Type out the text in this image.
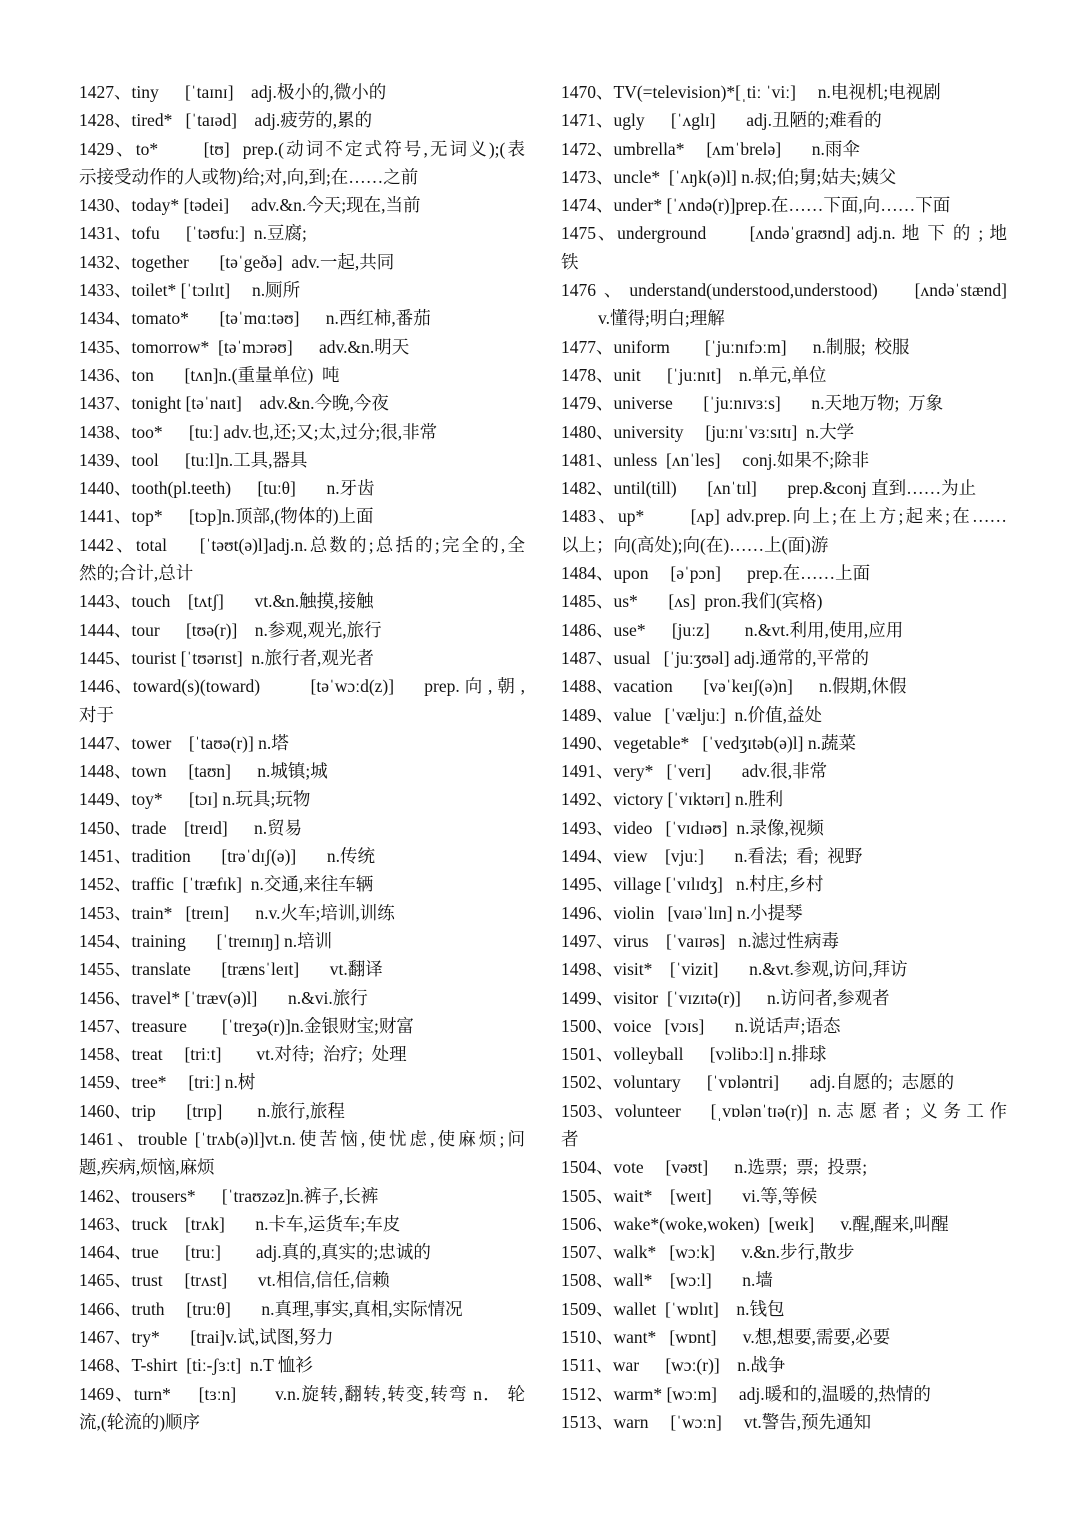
1427、tiny      [ˈtaɪnɪ]    adj.极小的,微小的
1428、tired*   [ˈtaɪəd]    adj.疲劳的,累的
1429、to*       [tʊ]  prep.(动词不定式符号,无词义);(表
示接受动作的人或物)给;对,向,到;在……之前
1430、today* [tədei]     adv.&n.今天;现在,当前
1431、tofu      [ˈtəʊfuː]  n.豆腐;
1432、together       [təˈgeðə]  adv.一起,共同
1433、toilet* [ˈtɔɪlɪt]     n.厕所
1434、tomato*       [təˈmɑːtəʊ]      n.西红柿,番茄
1435、tomorrow*  [təˈmɔrəʊ]      adv.&n.明天
1436、ton       [tʌn]n.(重量单位)  吨
1437、tonight [təˈnaɪt]    adv.&n.今晚,今夜
1438、too*      [tuː] adv.也,还;又;太,过分;很,非常
1439、tool      [tuːl]n.工具,器具
1440、tooth(pl.teeth)      [tuːθ]       n.牙齿
1441、top*      [tɔp]n.顶部,(物体的)上面
1442、total     [ˈtəʊt(ə)l]adj.n.总数的;总括的;完全的,全
然的;合计,总计
1443、touch    [tʌtʃ]       vt.&n.触摸,接触
1444、tour      [tʊə(r)]    n.参观,观光,旅行
1445、tourist [ˈtʊərɪst]  n.旅行者,观光者
1446、toward(s)(toward)          [təˈwɔːd(z)]      prep. 向 , 朝 ,
对于
1447、tower    [ˈtaʊə(r)] n.塔
1448、town     [taʊn]      n.城镇;城
1449、toy*      [tɔɪ] n.玩具;玩物
1450、trade    [treɪd]      n.贸易
1451、tradition       [trəˈdɪʃ(ə)]       n.传统
1452、traffic  [ˈtræfɪk]  n.交通,来往车辆
1453、train*   [treɪn]      n.v.火车;培训,训练
1454、training       [ˈtreɪnɪŋ] n.培训
1455、translate       [trænsˈleɪt]       vt.翻译
1456、travel* [ˈtræv(ə)l]       n.&vi.旅行
1457、treasure        [ˈtreʒə(r)]n.金银财宝;财富
1458、treat     [triːt]        vt.对待;  治疗;  处理
1459、tree*     [triː] n.树
1460、trip       [trɪp]        n.旅行,旅程
1461、trouble [ˈtrʌb(ə)l]vt.n.使苦恼,使忧虑,使麻烦;问
题,疾病,烦恼,麻烦
1462、trousers*      [ˈtraʊzəz]n.裤子,长裤
1463、truck    [trʌk]       n.卡车,运货车;车皮
1464、true      [truː]        adj.真的,真实的;忠诚的
1465、trust     [trʌst]       vt.相信,信任,信赖
1466、truth     [truːθ]       n.真理,事实,真相,实际情况
1467、try*       [trai]v.试,试图,努力
1468、T-shirt  [tiː-ʃɜːt]  n.T 恤衫
1469、turn*     [tɜːn]       v.n.旋转,翻转,转变,转弯 n． 轮
流,(轮流的)顺序
1470、TV(=television)*[ˌtiː ˈviː]     n.电视机;电视剧
1471、ugly      [ˈʌglɪ]       adj.丑陋的;难看的
1472、umbrella*     [ʌmˈbrelə]       n.雨伞
1473、uncle*  [ˈʌŋk(ə)l] n.叔;伯;舅;姑夫;姨父
1474、under* [ˈʌndə(r)]prep.在……下面,向……下面
1475、underground       [ʌndəˈgraʊnd] adj.n. 地 下 的 ; 地
铁
1476、understand(understood,understood)   [ʌndəˈstænd]
v.懂得;明白;理解
1477、uniform        [ˈjuːnɪfɔːm]      n.制服;  校服
1478、unit      [ˈjuːnɪt]    n.单元,单位
1479、universe       [ˈjuːnɪvɜːs]       n.天地万物;  万象
1480、university     [juːnɪˈvɜːsɪtɪ]  n.大学
1481、unless  [ʌnˈles]     conj.如果不;除非
1482、until(till)       [ʌnˈtɪl]       prep.&conj 直到……为止
1483、up*       [ʌp] adv.prep.向上;在上方;起来;在……
以上；向(高处);向(在)……上(面)游
1484、upon     [əˈpɔn]      prep.在……上面
1485、us*       [ʌs]  pron.我们(宾格)
1486、use*      [juːz]        n.&vt.利用,使用,应用
1487、usual   [ˈjuːʒʊəl] adj.通常的,平常的
1488、vacation       [vəˈkeɪʃ(ə)n]      n.假期,休假
1489、value   [ˈvæljuː]  n.价值,益处
1490、vegetable*   [ˈvedʒɪtəb(ə)l] n.蔬菜
1491、very*   [ˈverɪ]       adv.很,非常
1492、victory [ˈvɪktərɪ] n.胜利
1493、video   [ˈvɪdɪəʊ]  n.录像,视频
1494、view    [vjuː]       n.看法;  看;  视野
1495、village [ˈvɪlɪdʒ]   n.村庄,乡村
1496、violin   [vaɪəˈlɪn] n.小提琴
1497、virus    [ˈvaɪrəs]   n.滤过性病毒
1498、visit*    [ˈvizit]       n.&vt.参观,访问,拜访
1499、visitor  [ˈvɪzɪtə(r)]      n.访问者,参观者
1500、voice   [vɔɪs]       n.说话声;语态
1501、volleyball      [vɔlibɔːl] n.排球
1502、voluntary      [ˈvɒləntri]       adj.自愿的;  志愿的
1503、volunteer      [ˌvɒlənˈtɪə(r)]  n. 志 愿 者 ;  义 务 工 作
者
1504、vote     [vəʊt]      n.选票;  票;  投票;
1505、wait*    [weɪt]       vi.等,等候
1506、wake*(woke,woken)  [weɪk]      v.醒,醒来,叫醒
1507、walk*   [wɔːk]      v.&n.步行,散步
1508、wall*    [wɔːl]       n.墙
1509、wallet  [ˈwɒlɪt]    n.钱包
1510、want*   [wɒnt]      v.想,想要,需要,必要
1511、war      [wɔː(r)]    n.战争
1512、warm* [wɔːm]     adj.暖和的,温暖的,热情的
1513、warn     [ˈwɔːn]     vt.警告,预先通知
